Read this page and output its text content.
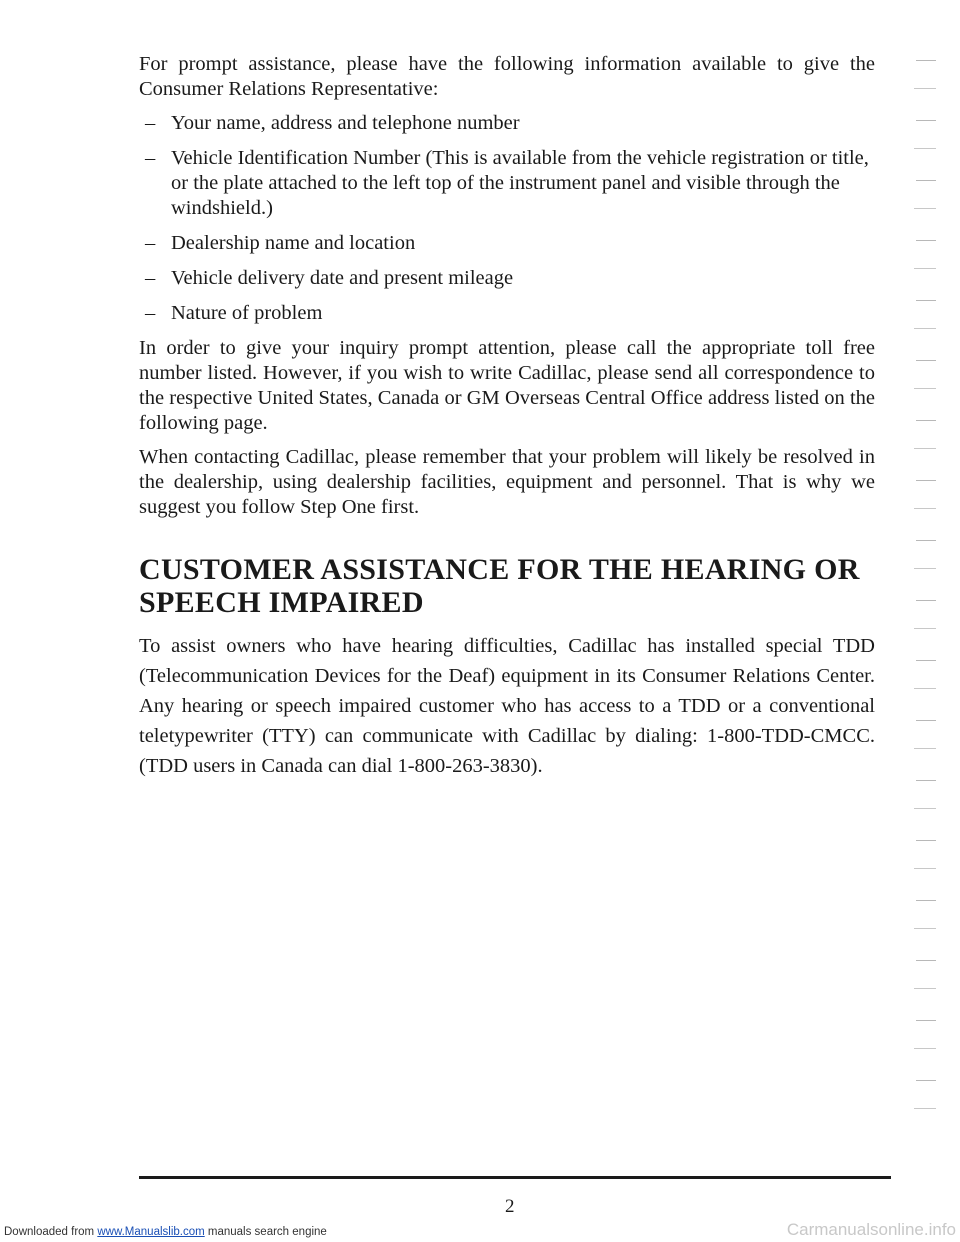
For prompt assistance, please have the following information available to give the Consumer Relations Representative:

– Your name, address and telephone number
– Vehicle Identification Number (This is available from the vehicle registration or title, or the plate attached to the left top of the instrument panel and visible through the windshield.)
– Dealership name and location
– Vehicle delivery date and present mileage
– Nature of problem

In order to give your inquiry prompt attention, please call the appropriate toll free number listed. However, if you wish to write Cadillac, please send all correspondence to the respective United States, Canada or GM Overseas Central Office address listed on the following page.

When contacting Cadillac, please remember that your problem will likely be resolved in the dealership, using dealership facilities, equipment and personnel. That is why we suggest you follow Step One first.

CUSTOMER ASSISTANCE FOR THE HEARING OR SPEECH IMPAIRED

To assist owners who have hearing difficulties, Cadillac has installed special TDD (Telecommunication Devices for the Deaf) equipment in its Consumer Relations Center. Any hearing or speech impaired customer who has access to a TDD or a conventional teletypewriter (TTY) can communicate with Cadillac by dialing: 1-800-TDD-CMCC. (TDD users in Canada can dial 1-800-263-3830).

2
Downloaded from www.Manualslib.com manuals search engine	Carmanualsonline.info
